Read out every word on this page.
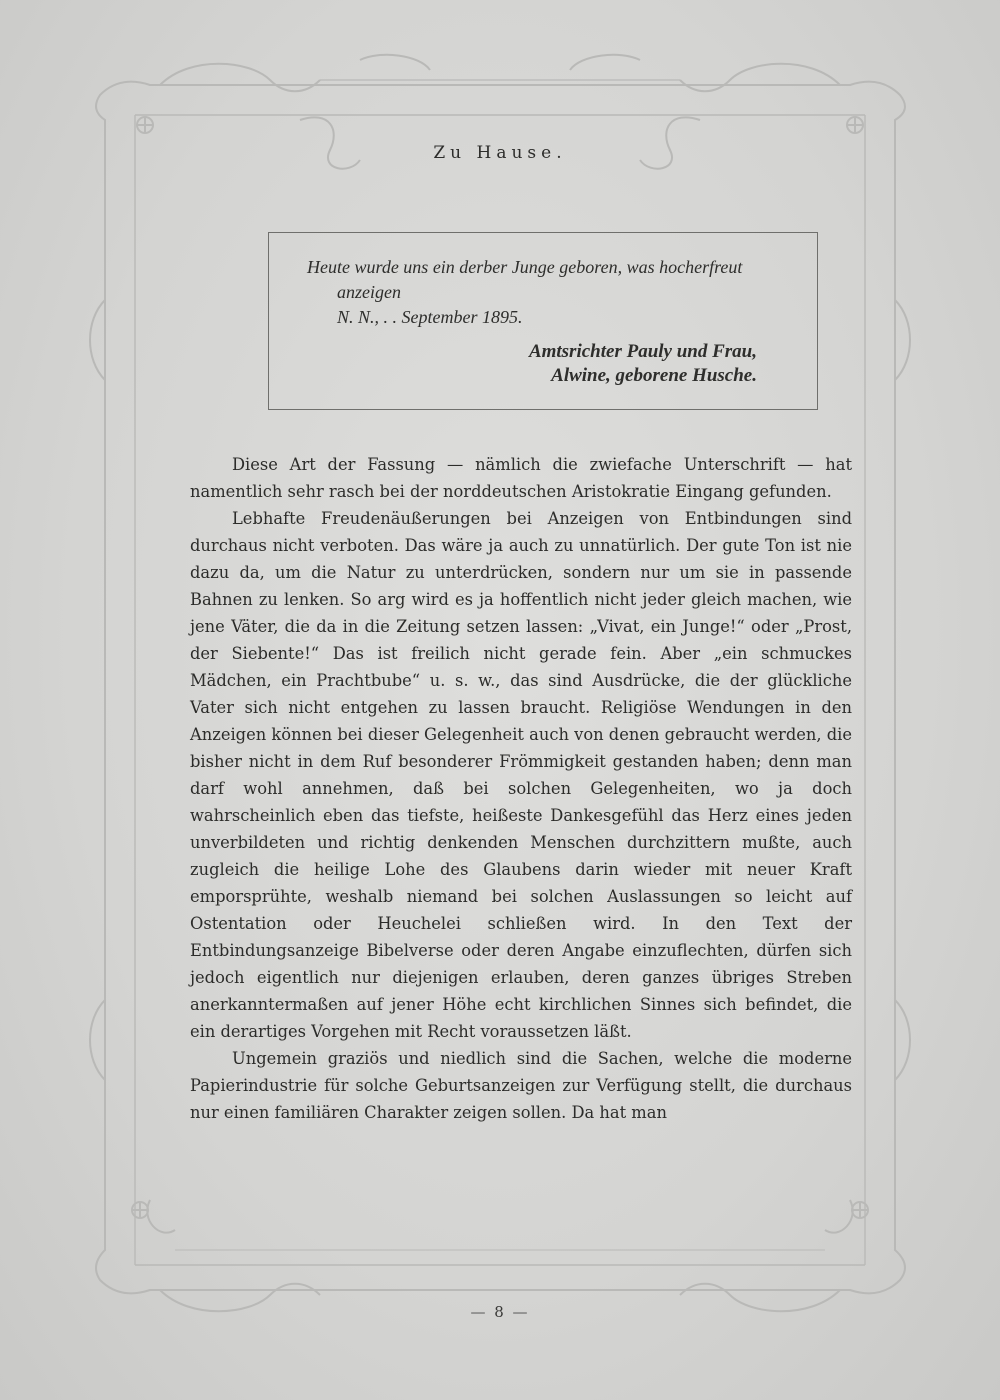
Zu Hause.

Heute wurde uns ein derber Junge geboren, was hocherfreut anzeigen

N. N., . . September 1895.

Amtsrichter Pauly und Frau,
Alwine, geborene Husche.

Diese Art der Fassung — nämlich die zwiefache Unterschrift — hat namentlich sehr rasch bei der norddeutschen Aristokratie Eingang gefunden.

Lebhafte Freudenäußerungen bei Anzeigen von Entbindungen sind durchaus nicht verboten. Das wäre ja auch zu unnatürlich. Der gute Ton ist nie dazu da, um die Natur zu unterdrücken, sondern nur um sie in passende Bahnen zu lenken. So arg wird es ja hoffentlich nicht jeder gleich machen, wie jene Väter, die da in die Zeitung setzen lassen: „Vivat, ein Junge!“ oder „Prost, der Siebente!“ Das ist freilich nicht gerade fein. Aber „ein schmuckes Mädchen, ein Prachtbube“ u. s. w., das sind Ausdrücke, die der glückliche Vater sich nicht entgehen zu lassen braucht. Religiöse Wendungen in den Anzeigen können bei dieser Gelegenheit auch von denen gebraucht werden, die bisher nicht in dem Ruf besonderer Frömmigkeit gestanden haben; denn man darf wohl annehmen, daß bei solchen Gelegenheiten, wo ja doch wahrscheinlich eben das tiefste, heißeste Dankesgefühl das Herz eines jeden unverbildeten und richtig denkenden Menschen durchzittern mußte, auch zugleich die heilige Lohe des Glaubens darin wieder mit neuer Kraft emporsprühte, weshalb niemand bei solchen Auslassungen so leicht auf Ostentation oder Heuchelei schließen wird. In den Text der Entbindungsanzeige Bibelverse oder deren Angabe einzuflechten, dürfen sich jedoch eigentlich nur diejenigen erlauben, deren ganzes übriges Streben anerkanntermaßen auf jener Höhe echt kirchlichen Sinnes sich befindet, die ein derartiges Vorgehen mit Recht voraussetzen läßt.

Ungemein graziös und niedlich sind die Sachen, welche die moderne Papierindustrie für solche Geburtsanzeigen zur Verfügung stellt, die durchaus nur einen familiären Charakter zeigen sollen. Da hat man

— 8 —
